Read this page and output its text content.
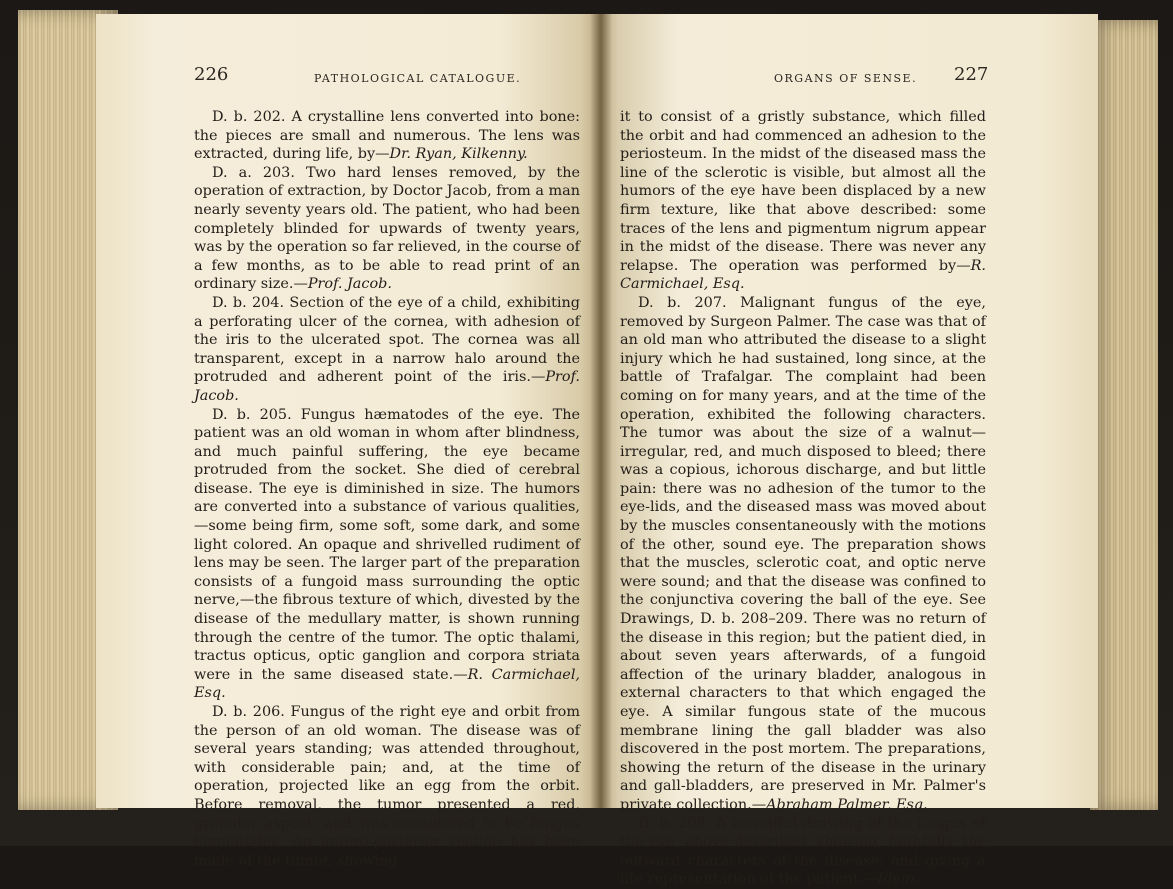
226	PATHOLOGICAL CATALOGUE.

D. b. 202. A crystalline lens converted into bone: the pieces are small and numerous. The lens was extracted, during life, by—Dr. Ryan, Kilkenny.

D. a. 203. Two hard lenses removed, by the operation of extraction, by Doctor Jacob, from a man nearly seventy years old. The patient, who had been completely blinded for upwards of twenty years, was by the operation so far relieved, in the course of a few months, as to be able to read print of an ordinary size.—Prof. Jacob.

D. b. 204. Section of the eye of a child, exhibiting a perforating ulcer of the cornea, with adhesion of the iris to the ulcerated spot. The cornea was all transparent, except in a narrow halo around the protruded and adherent point of the iris.—Prof. Jacob.

D. b. 205. Fungus hæmatodes of the eye. The patient was an old woman in whom after blindness, and much painful suffering, the eye became protruded from the socket. She died of cerebral disease. The eye is diminished in size. The humors are converted into a substance of various qualities,—some being firm, some soft, some dark, and some light colored. An opaque and shrivelled rudiment of lens may be seen. The larger part of the preparation consists of a fungoid mass surrounding the optic nerve,—the fibrous texture of which, divested by the disease of the medullary matter, is shown running through the centre of the tumor. The optic thalami, tractus opticus, optic ganglion and corpora striata were in the same diseased state.—R. Carmichael, Esq.

D. b. 206. Fungus of the right eye and orbit from the person of an old woman. The disease was of several years standing; was attended throughout, with considerable pain; and, at the time of operation, projected like an egg from the orbit. Before removal, the tumor presented a red, granular aspect. and was considered to be fungus hæmatodes. An antero-posterior section has been made of the tumor, showing

ORGANS OF SENSE. 227

it to consist of a gristly substance, which filled the orbit and had commenced an adhesion to the periosteum. In the midst of the diseased mass the line of the sclerotic is visible, but almost all the humors of the eye have been displaced by a new firm texture, like that above described: some traces of the lens and pigmentum nigrum appear in the midst of the disease. There was never any relapse. The operation was performed by—R. Carmichael, Esq.

D. b. 207. Malignant fungus of the eye, removed by Surgeon Palmer. The case was that of an old man who attributed the disease to a slight injury which he had sustained, long since, at the battle of Trafalgar. The complaint had been coming on for many years, and at the time of the operation, exhibited the following characters. The tumor was about the size of a walnut—irregular, red, and much disposed to bleed; there was a copious, ichorous discharge, and but little pain: there was no adhesion of the tumor to the eye-lids, and the diseased mass was moved about by the muscles consentaneously with the motions of the other, sound eye. The preparation shows that the muscles, sclerotic coat, and optic nerve were sound; and that the disease was confined to the conjunctiva covering the ball of the eye. See Drawings, D. b. 208–209. There was no return of the disease in this region; but the patient died, in about seven years afterwards, of a fungoid affection of the urinary bladder, analogous in external characters to that which engaged the eye. A similar fungous state of the mucous membrane lining the gall bladder was also discovered in the post mortem. The preparations, showing the return of the disease in the urinary and gall-bladders, are preserved in Mr. Palmer's private collection.—Abraham Palmer, Esq.

D. b. 208. A beautiful drawing of the fungus of the eye, above described, showing, faithfully, the outward characters of the disease; and giving a life representation of the patient.—Idem.
